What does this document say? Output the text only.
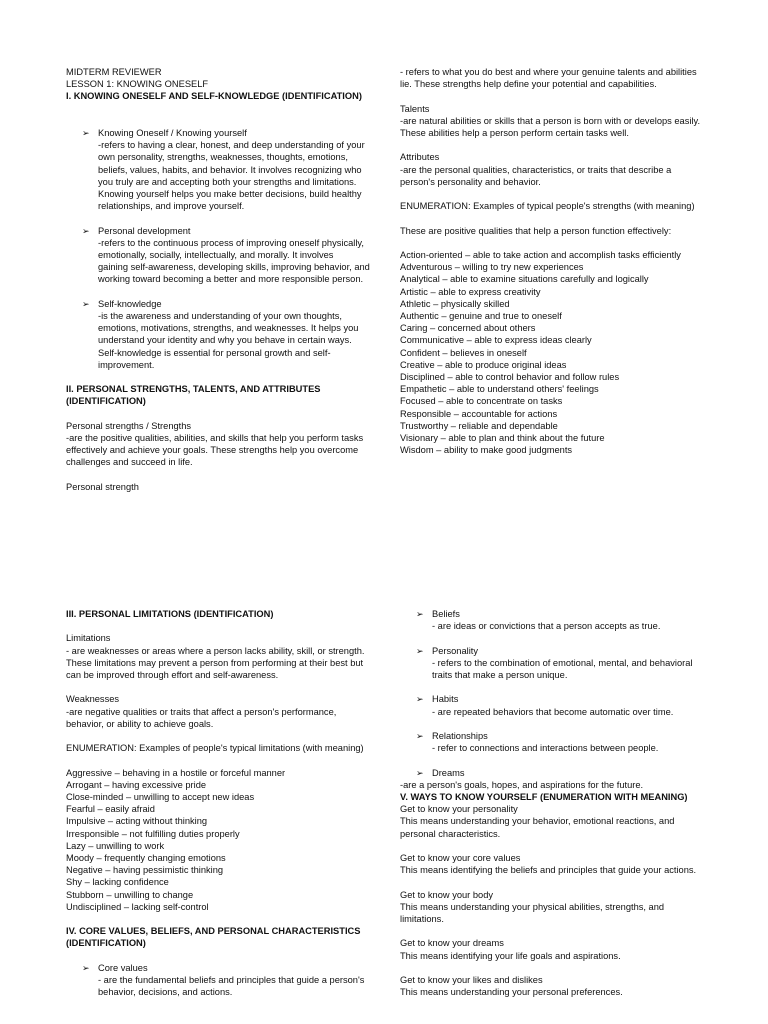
MIDTERM REVIEWER

LESSON 1: KNOWING ONESELF

I. KNOWING ONESELF AND SELF-KNOWLEDGE (IDENTIFICATION)

➢ Knowing Oneself / Knowing yourself

-refers to having a clear, honest, and deep understanding of your

own personality, strengths, weaknesses, thoughts, emotions,

beliefs, values, habits, and behavior. It involves recognizing who

you truly are and accepting both your strengths and limitations.

Knowing yourself helps you make better decisions, build healthy

relationships, and improve yourself.

➢ Personal development

-refers to the continuous process of improving oneself physically,

emotionally, socially, intellectually, and morally. It involves

gaining self-awareness, developing skills, improving behavior, and

working toward becoming a better and more responsible person.

➢ Self-knowledge

-is the awareness and understanding of your own thoughts,

emotions, motivations, strengths, and weaknesses. It helps you

understand your identity and why you behave in certain ways.

Self-knowledge is essential for personal growth and self-

improvement.

II. PERSONAL STRENGTHS, TALENTS, AND ATTRIBUTES (IDENTIFICATION)

Personal strengths / Strengths

-are the positive qualities, abilities, and skills that help you perform tasks

effectively and achieve your goals. These strengths help you overcome

challenges and succeed in life.

Personal strength

- refers to what you do best and where your genuine talents and abilities

lie. These strengths help define your potential and capabilities.

Talents

-are natural abilities or skills that a person is born with or develops easily.

These abilities help a person perform certain tasks well.

Attributes

-are the personal qualities, characteristics, or traits that describe a

person's personality and behavior.

ENUMERATION: Examples of typical people's strengths (with meaning)

These are positive qualities that help a person function effectively:

Action-oriented – able to take action and accomplish tasks efficiently

Adventurous – willing to try new experiences

Analytical – able to examine situations carefully and logically

Artistic – able to express creativity

Athletic – physically skilled

Authentic – genuine and true to oneself

Caring – concerned about others

Communicative – able to express ideas clearly

Confident – believes in oneself

Creative – able to produce original ideas

Disciplined – able to control behavior and follow rules

Empathetic – able to understand others' feelings

Focused – able to concentrate on tasks

Responsible – accountable for actions

Trustworthy – reliable and dependable

Visionary – able to plan and think about the future

Wisdom – ability to make good judgments

III. PERSONAL LIMITATIONS (IDENTIFICATION)

Limitations

- are weaknesses or areas where a person lacks ability, skill, or strength.

These limitations may prevent a person from performing at their best but

can be improved through effort and self-awareness.

Weaknesses

-are negative qualities or traits that affect a person's performance,

behavior, or ability to achieve goals.

ENUMERATION: Examples of people's typical limitations (with meaning)

Aggressive – behaving in a hostile or forceful manner

Arrogant – having excessive pride

Close-minded – unwilling to accept new ideas

Fearful – easily afraid

Impulsive – acting without thinking

Irresponsible – not fulfilling duties properly

Lazy – unwilling to work

Moody – frequently changing emotions

Negative – having pessimistic thinking

Shy – lacking confidence

Stubborn – unwilling to change

Undisciplined – lacking self-control

IV. CORE VALUES, BELIEFS, AND PERSONAL CHARACTERISTICS

(IDENTIFICATION)

➢ Core values

- are the fundamental beliefs and principles that guide a person's

behavior, decisions, and actions.

➢ Beliefs

- are ideas or convictions that a person accepts as true.

➢ Personality

- refers to the combination of emotional, mental, and behavioral

traits that make a person unique.

➢ Habits

- are repeated behaviors that become automatic over time.

➢ Relationships

- refer to connections and interactions between people.

➢ Dreams

-are a person's goals, hopes, and aspirations for the future.

V. WAYS TO KNOW YOURSELF (ENUMERATION WITH MEANING)

Get to know your personality

This means understanding your behavior, emotional reactions, and

personal characteristics.

Get to know your core values

This means identifying the beliefs and principles that guide your actions.

Get to know your body

This means understanding your physical abilities, strengths, and

limitations.

Get to know your dreams

This means identifying your life goals and aspirations.

Get to know your likes and dislikes

This means understanding your personal preferences.
